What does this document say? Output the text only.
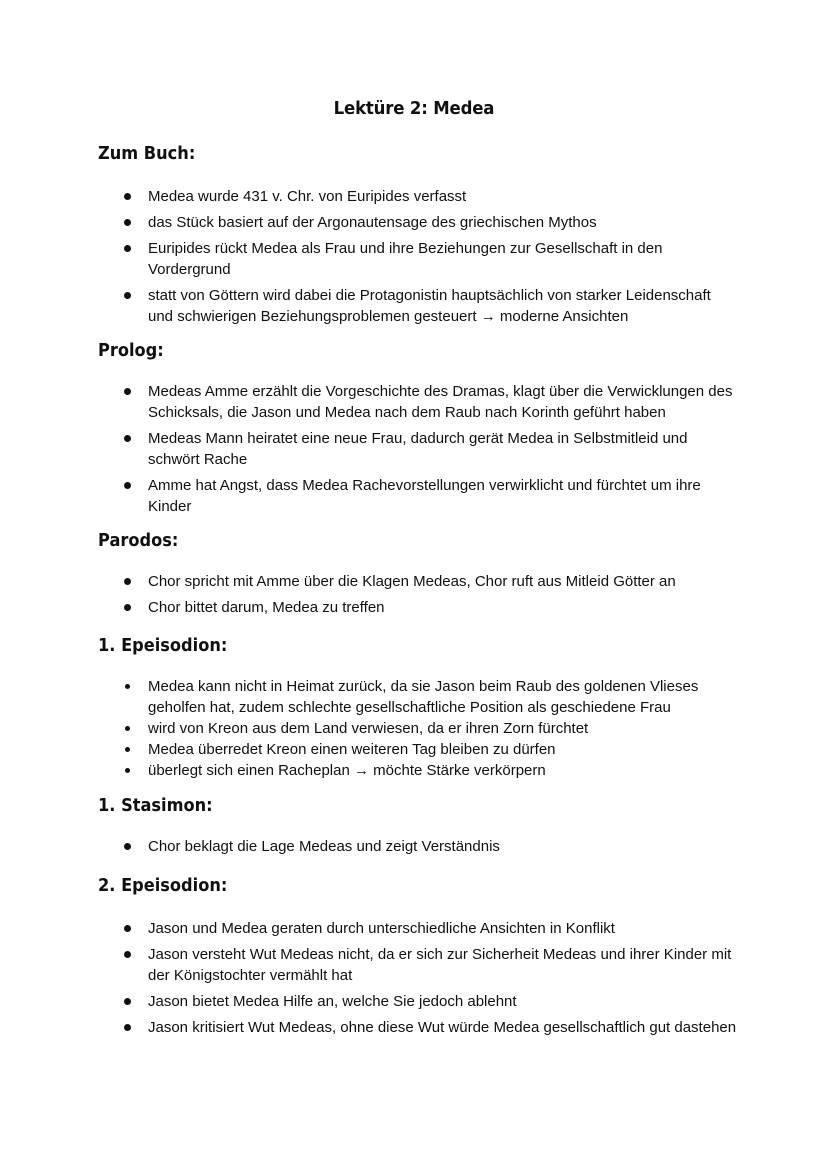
Lektüre 2: Medea
Zum Buch:
Medea wurde 431 v. Chr. von Euripides verfasst
das Stück basiert auf der Argonautensage des griechischen Mythos
Euripides rückt Medea als Frau und ihre Beziehungen zur Gesellschaft in den Vordergrund
statt von Göttern wird dabei die Protagonistin hauptsächlich von starker Leidenschaft und schwierigen Beziehungsproblemen gesteuert → moderne Ansichten
Prolog:
Medeas Amme erzählt die Vorgeschichte des Dramas, klagt über die Verwicklungen des Schicksals, die Jason und Medea nach dem Raub nach Korinth geführt haben
Medeas Mann heiratet eine neue Frau, dadurch gerät Medea in Selbstmitleid und schwört Rache
Amme hat Angst, dass Medea Rachevorstellungen verwirklicht und fürchtet um ihre Kinder
Parodos:
Chor spricht mit Amme über die Klagen Medeas, Chor ruft aus Mitleid Götter an
Chor bittet darum, Medea zu treffen
1. Epeisodion:
Medea kann nicht in Heimat zurück, da sie Jason beim Raub des goldenen Vlieses geholfen hat, zudem schlechte gesellschaftliche Position als geschiedene Frau
wird von Kreon aus dem Land verwiesen, da er ihren Zorn fürchtet
Medea überredet Kreon einen weiteren Tag bleiben zu dürfen
überlegt sich einen Racheplan → möchte Stärke verkörpern
1. Stasimon:
Chor beklagt die Lage Medeas und zeigt Verständnis
2. Epeisodion:
Jason und Medea geraten durch unterschiedliche Ansichten in Konflikt
Jason versteht Wut Medeas nicht, da er sich zur Sicherheit Medeas und ihrer Kinder mit der Königstochter vermählt hat
Jason bietet Medea Hilfe an, welche Sie jedoch ablehnt
Jason kritisiert Wut Medeas, ohne diese Wut würde Medea gesellschaftlich gut dastehen
